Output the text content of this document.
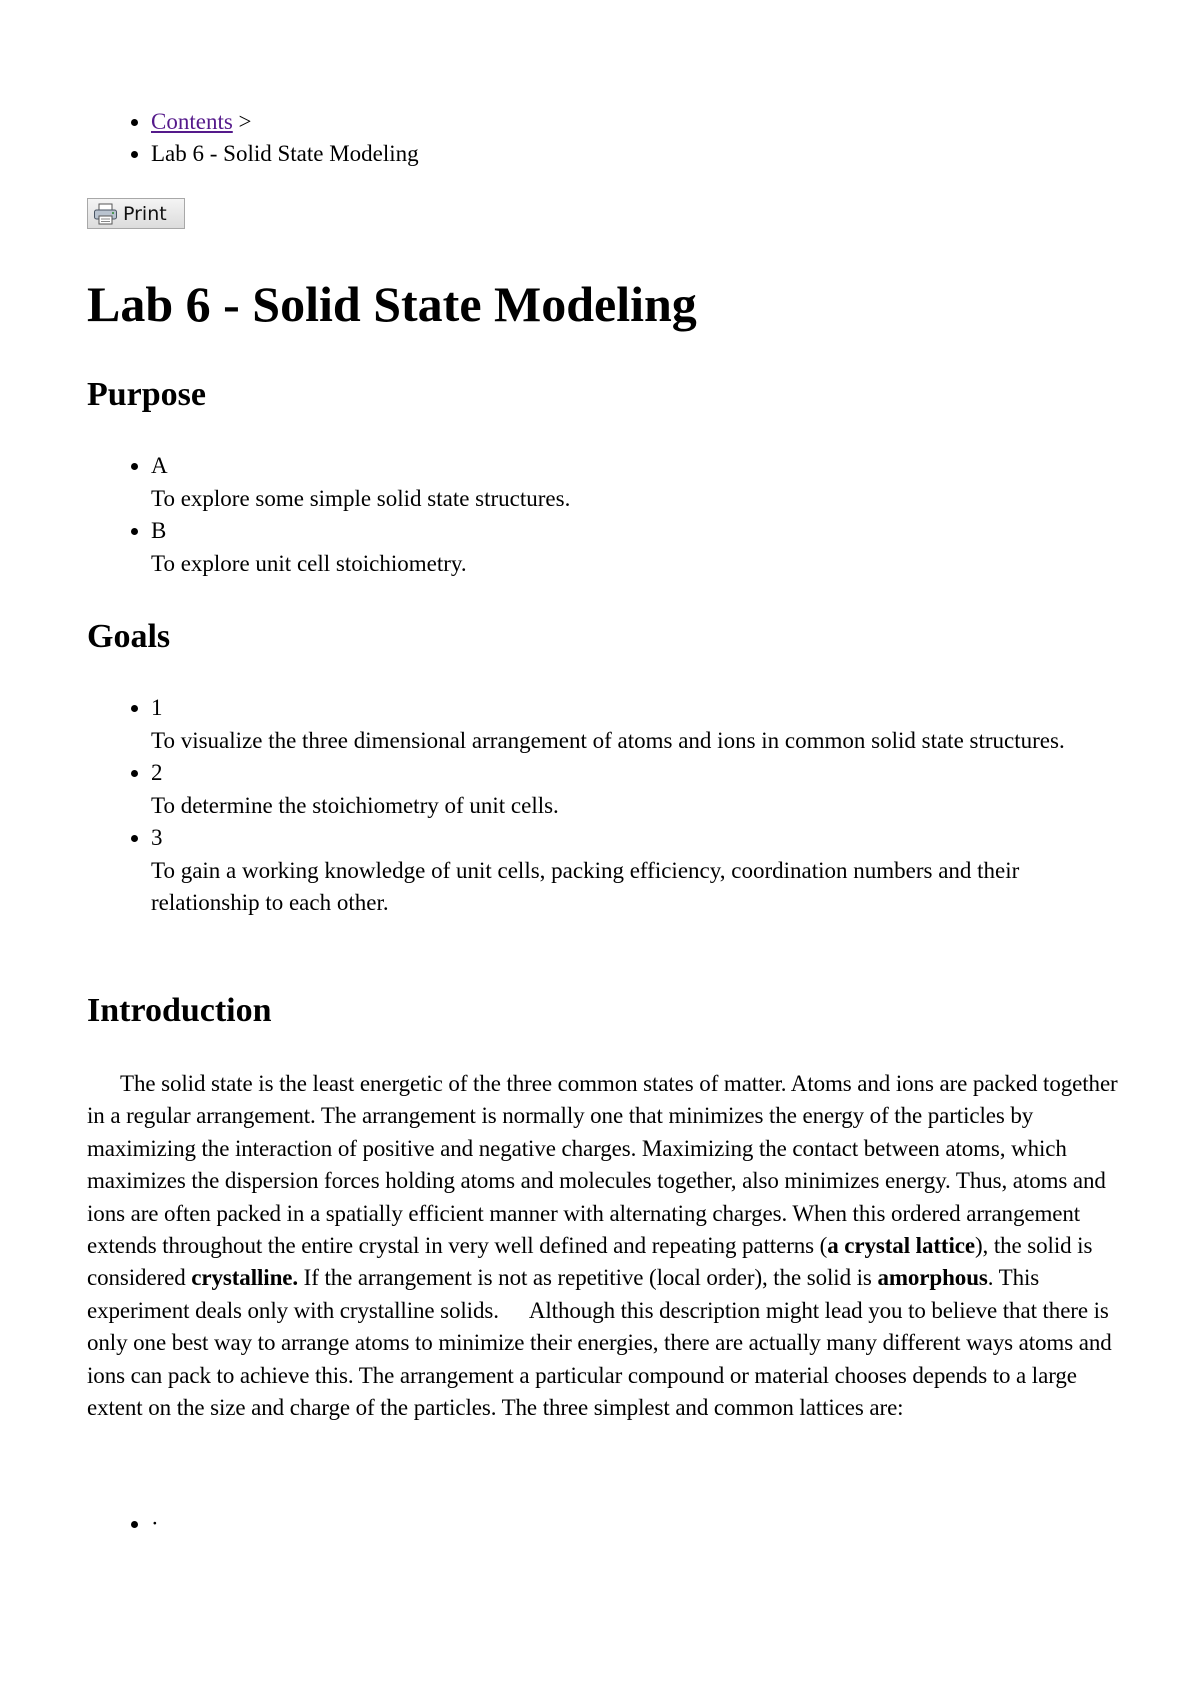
• Contents >
• Lab 6 - Solid State Modeling
Print
Lab 6 - Solid State Modeling
Purpose
• A
To explore some simple solid state structures.
• B
To explore unit cell stoichiometry.
Goals
• 1
To visualize the three dimensional arrangement of atoms and ions in common solid state structures.
• 2
To determine the stoichiometry of unit cells.
• 3
To gain a working knowledge of unit cells, packing efficiency, coordination numbers and their relationship to each other.
Introduction

The solid state is the least energetic of the three common states of matter. Atoms and ions are packed together in a regular arrangement. The arrangement is normally one that minimizes the energy of the particles by maximizing the interaction of positive and negative charges. Maximizing the contact between atoms, which maximizes the dispersion forces holding atoms and molecules together, also minimizes energy. Thus, atoms and ions are often packed in a spatially efficient manner with alternating charges. When this ordered arrangement extends throughout the entire crystal in very well defined and repeating patterns (a crystal lattice), the solid is considered crystalline. If the arrangement is not as repetitive (local order), the solid is amorphous. This experiment deals only with crystalline solids. Although this description might lead you to believe that there is only one best way to arrange atoms to minimize their energies, there are actually many different ways atoms and ions can pack to achieve this. The arrangement a particular compound or material chooses depends to a large extent on the size and charge of the particles. The three simplest and common lattices are:

• ·
